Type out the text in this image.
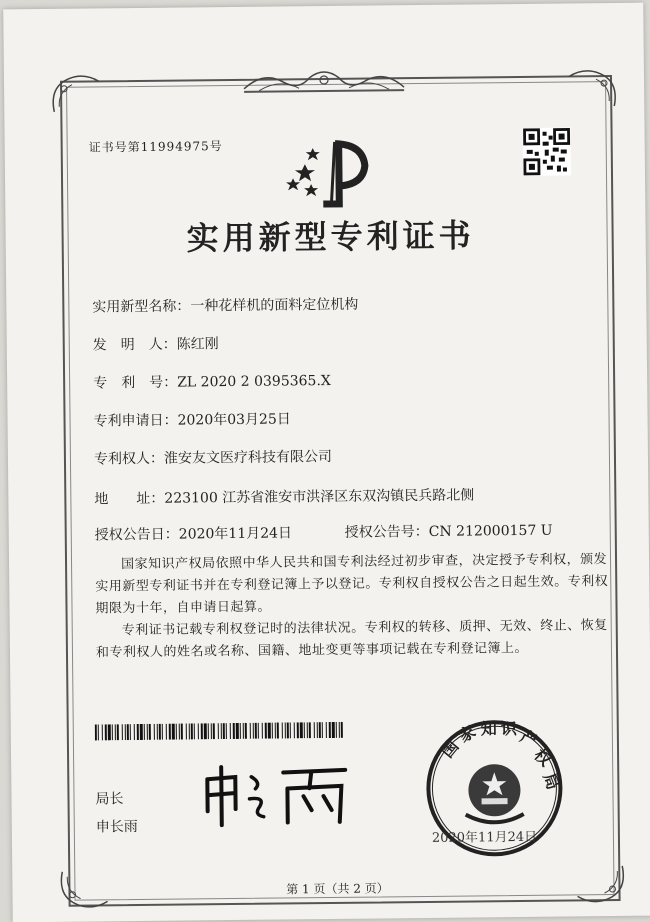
证书号第11994975号
实用新型专利证书
实用新型名称：一种花样机的面料定位机构
发　明　人：陈红刚
专　利　号：ZL 2020 2 0395365.X
专利申请日：2020年03月25日
专利权人：淮安友文医疗科技有限公司
地　　址：223100 江苏省淮安市洪泽区东双沟镇民兵路北侧
授权公告日：2020年11月24日	授权公告号：CN 212000157 U
国家知识产权局依照中华人民共和国专利法经过初步审查，决定授予专利权，颁发实用新型专利证书并在专利登记簿上予以登记。专利权自授权公告之日起生效。专利权期限为十年，自申请日起算。
专利证书记载专利权登记时的法律状况。专利权的转移、质押、无效、终止、恢复和专利权人的姓名或名称、国籍、地址变更等事项记载在专利登记簿上。
局长
申长雨
国
家 知 识 产
权
局
2020年11月24日
第 1 页（共 2 页）
